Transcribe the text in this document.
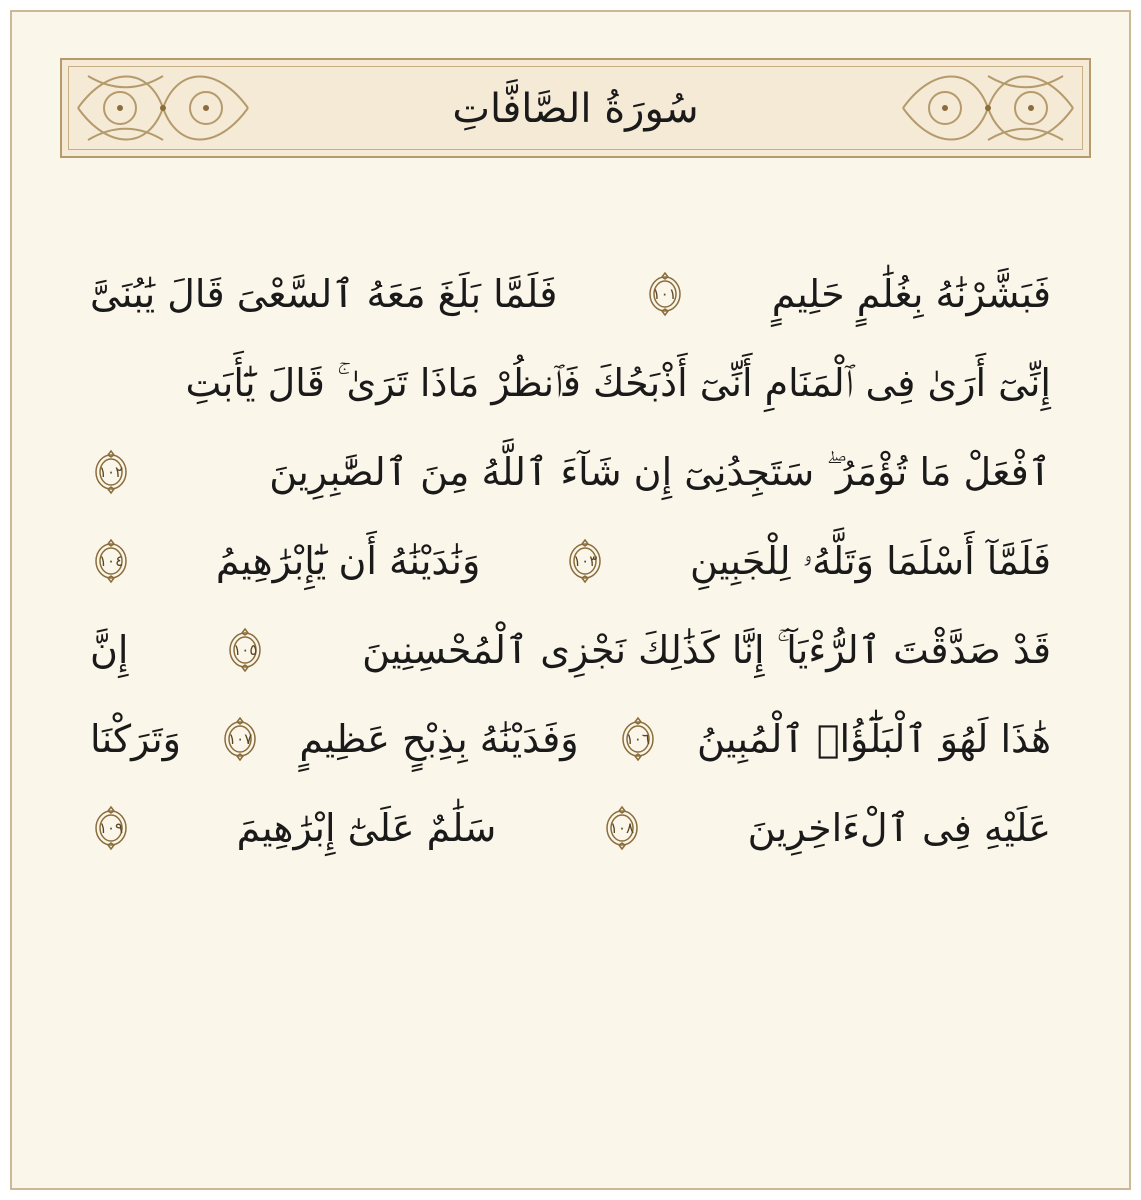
سُورَةُ الصَّافَّاتِ
فَبَشَّرْنَٰهُ بِغُلَٰمٍ حَلِيمٍ
١٠١
فَلَمَّا بَلَغَ مَعَهُ ٱلسَّعْىَ قَالَ يَٰبُنَىَّ
إِنِّىٓ أَرَىٰ فِى ٱلْمَنَامِ أَنِّىٓ أَذْبَحُكَ فَٱنظُرْ مَاذَا تَرَىٰ ۚ قَالَ يَٰٓأَبَتِ
ٱفْعَلْ مَا تُؤْمَرُ ۖ سَتَجِدُنِىٓ إِن شَآءَ ٱللَّهُ مِنَ ٱلصَّٰبِرِينَ
١٠٢
فَلَمَّآ أَسْلَمَا وَتَلَّهُۥ لِلْجَبِينِ
١٠٣
وَنَٰدَيْنَٰهُ أَن يَٰٓإِبْرَٰهِيمُ
١٠٤
قَدْ صَدَّقْتَ ٱلرُّءْيَآ ۚ إِنَّا كَذَٰلِكَ نَجْزِى ٱلْمُحْسِنِينَ
١٠٥
إِنَّ
هَٰذَا لَهُوَ ٱلْبَلَٰٓؤُا۟ ٱلْمُبِينُ
١٠٦
وَفَدَيْنَٰهُ بِذِبْحٍ عَظِيمٍ
١٠٧
وَتَرَكْنَا
عَلَيْهِ فِى ٱلْءَاخِرِينَ
١٠٨
سَلَٰمٌ عَلَىٰٓ إِبْرَٰهِيمَ
١٠٩
